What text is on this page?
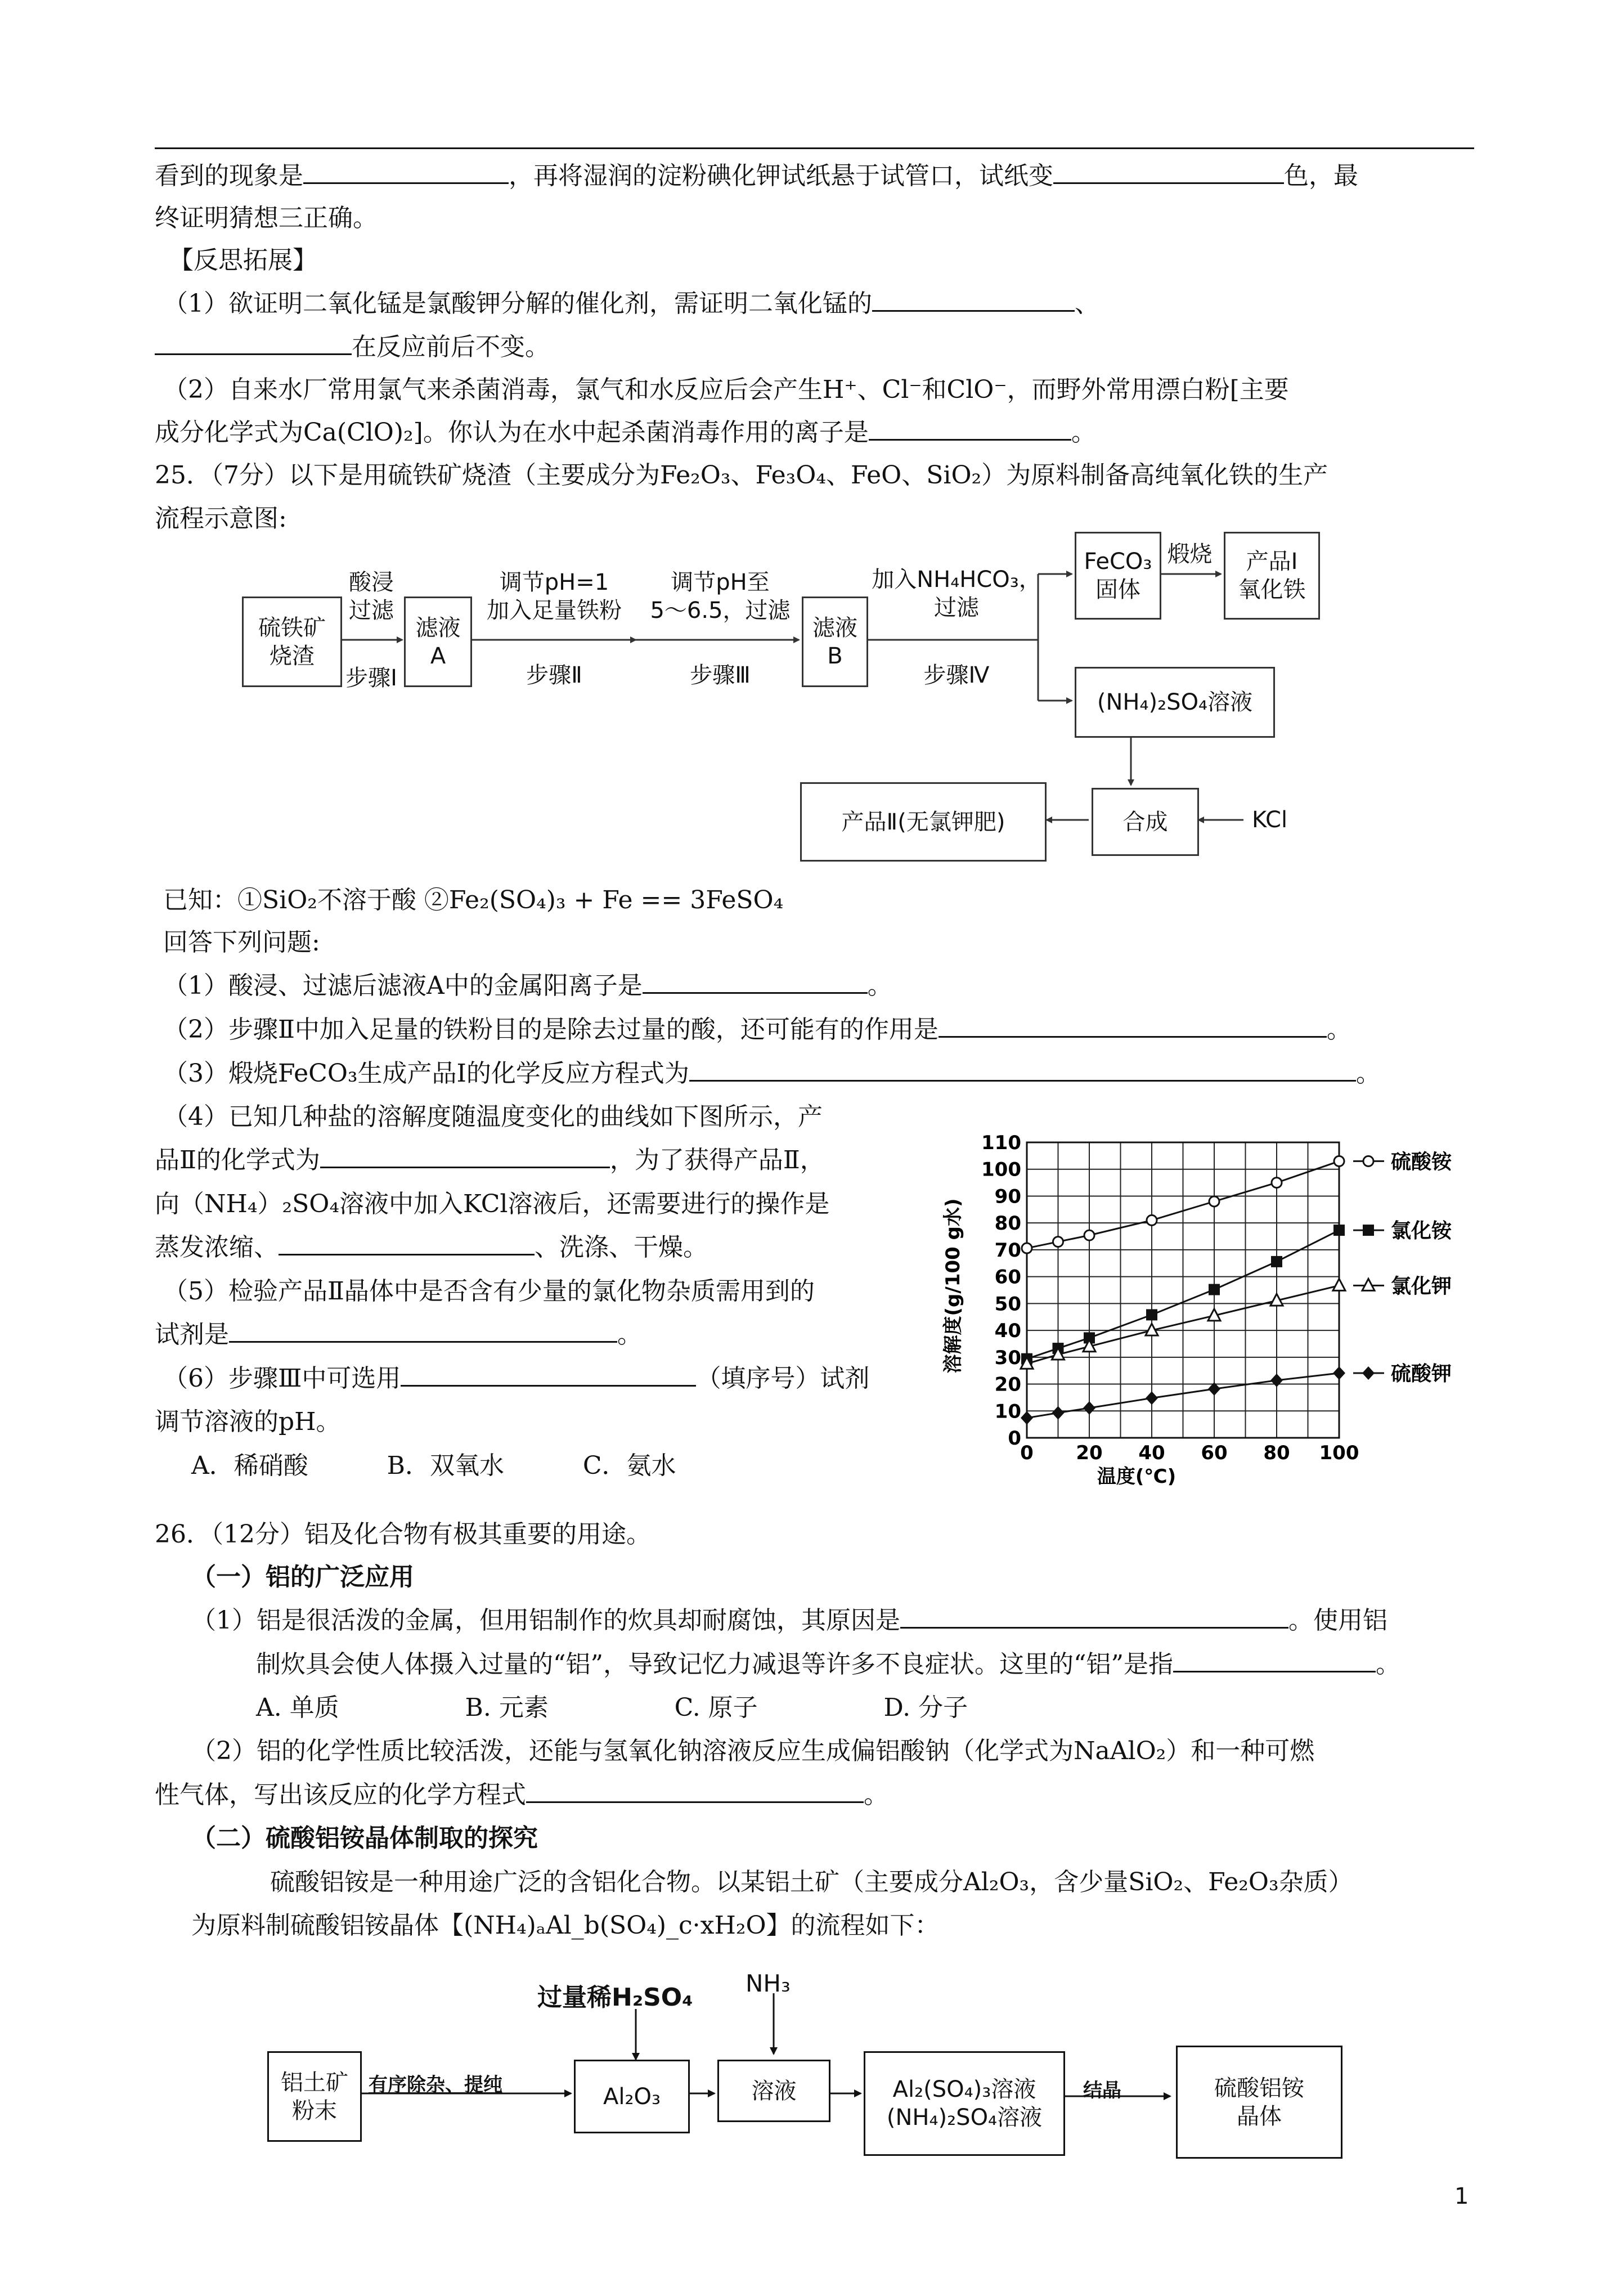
看到的现象是	，再将湿润的淀粉碘化钾试纸悬于试管口，试纸变	色，最
终证明猜想三正确。
【反思拓展】
（1）欲证明二氧化锰是氯酸钾分解的催化剂，需证明二氧化锰的	、
在反应前后不变。
（2）自来水厂常用氯气来杀菌消毒，氯气和水反应后会产生H⁺、Cl⁻和ClO⁻，而野外常用漂白粉[主要
成分化学式为Ca(ClO)₂]。你认为在水中起杀菌消毒作用的离子是	。
25．（7分）以下是用硫铁矿烧渣（主要成分为Fe₂O₃、Fe₃O₄、FeO、SiO₂）为原料制备高纯氧化铁的生产
流程示意图:
硫铁矿
烧渣
滤液
A
滤液
B
FeCO₃
固体
产品Ⅰ
氧化铁
(NH₄)₂SO₄溶液
合成
产品Ⅱ(无氯钾肥)	KCl
酸浸
过滤
步骤Ⅰ
调节pH=1
加入足量铁粉
步骤Ⅱ
调节pH至
5～6.5，过滤
步骤Ⅲ
加入NH₄HCO₃，
过滤
步骤Ⅳ
煅烧
已知：①SiO₂不溶于酸 ②Fe₂(SO₄)₃ + Fe == 3FeSO₄
回答下列问题:
（1）酸浸、过滤后滤液A中的金属阳离子是	。
（2）步骤Ⅱ中加入足量的铁粉目的是除去过量的酸，还可能有的作用是	。
（3）煅烧FeCO₃生成产品Ⅰ的化学反应方程式为	。
（4）已知几种盐的溶解度随温度变化的曲线如下图所示，产
品Ⅱ的化学式为	，为了获得产品Ⅱ，
向（NH₄）₂SO₄溶液中加入KCl溶液后，还需要进行的操作是
蒸发浓缩、	、洗涤、干燥。
（5）检验产品Ⅱ晶体中是否含有少量的氯化物杂质需用到的
试剂是	。
（6）步骤Ⅲ中可选用	（填序号）试剂
调节溶液的pH。
A．稀硝酸          B．双氧水          C．氨水	0 20 40 60 80 100
0
10
20
30
40
50
60
70
80
90
100
110
硫酸铵
氯化铵
氯化钾
硫酸钾
温度(℃)
溶解度(g/100 g水)
26．（12分）铝及化合物有极其重要的用途。
（一）铝的广泛应用
（1）铝是很活泼的金属，但用铝制作的炊具却耐腐蚀，其原因是	。使用铝
制炊具会使人体摄入过量的“铝”，导致记忆力减退等许多不良症状。这里的“铝”是指	。
A. 单质                B. 元素                C. 原子                D. 分子
（2）铝的化学性质比较活泼，还能与氢氧化钠溶液反应生成偏铝酸钠（化学式为NaAlO₂）和一种可燃
性气体，写出该反应的化学方程式	。
（二）硫酸铝铵晶体制取的探究
硫酸铝铵是一种用途广泛的含铝化合物。以某铝土矿（主要成分Al₂O₃，含少量SiO₂、Fe₂O₃杂质）
为原料制硫酸铝铵晶体【(NH₄)ₐAl_b(SO₄)_c·xH₂O】的流程如下：
铝土矿
粉末
有序除杂、提纯	Al₂O₃
过量稀H₂SO₄ NH₃
溶液	Al₂(SO₄)₃溶液
(NH₄)₂SO₄溶液
结晶	硫酸铝铵
晶体
1
